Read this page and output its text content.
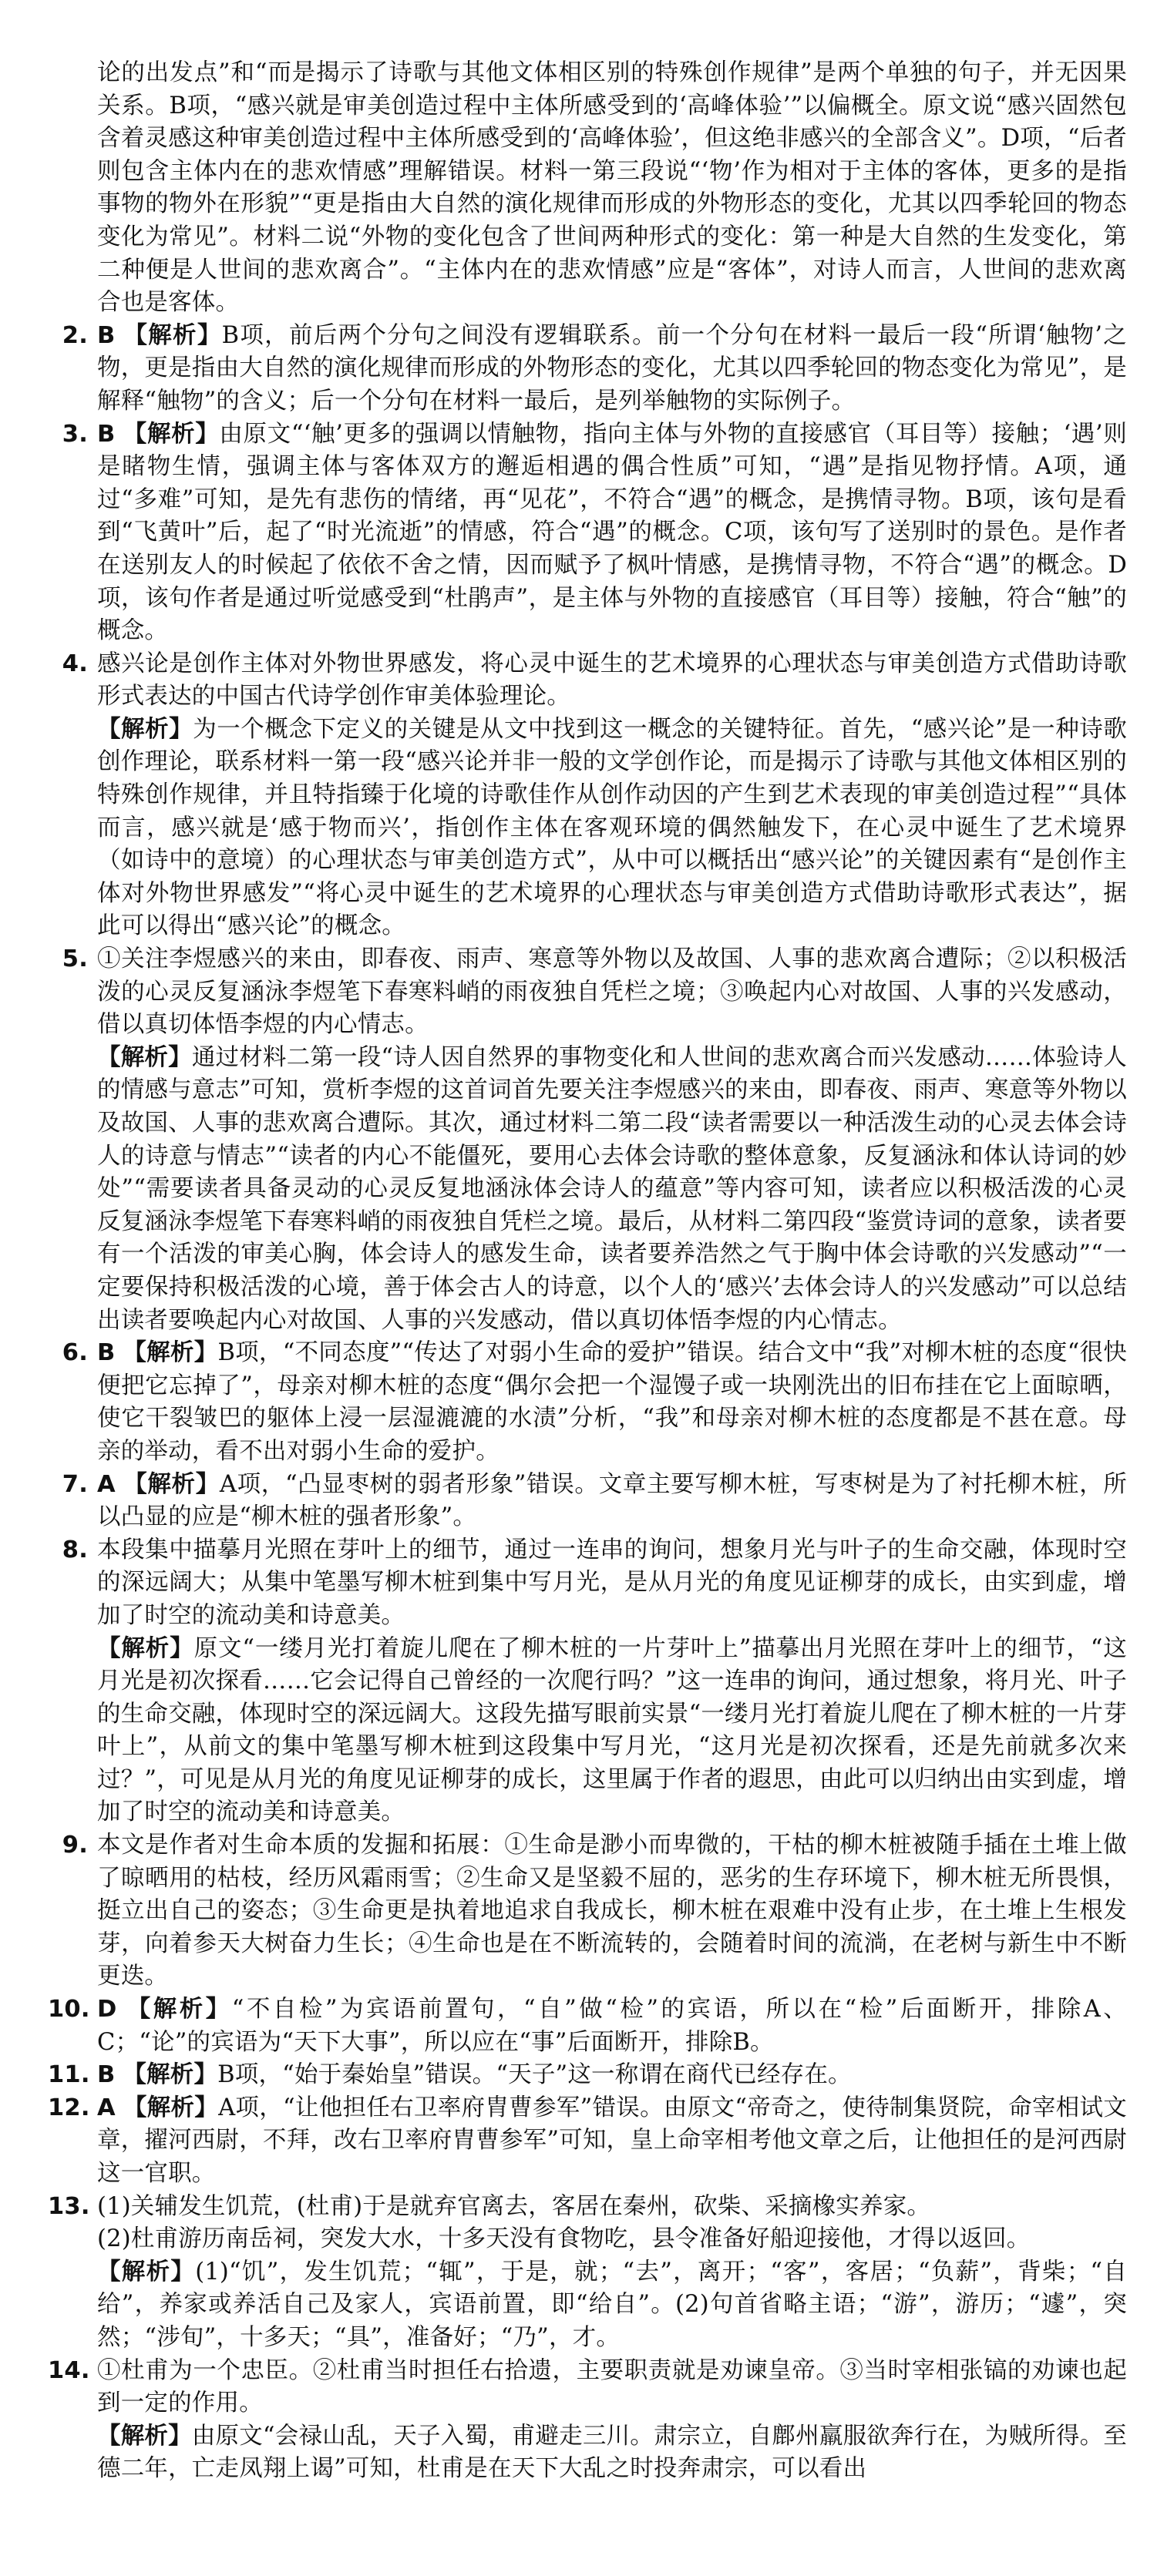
论的出发点”和“而是揭示了诗歌与其他文体相区别的特殊创作规律”是两个单独的句子，并无因果关系。B项，“感兴就是审美创造过程中主体所感受到的‘高峰体验’”以偏概全。原文说“感兴固然包含着灵感这种审美创造过程中主体所感受到的‘高峰体验’，但这绝非感兴的全部含义”。D项，“后者则包含主体内在的悲欢情感”理解错误。材料一第三段说“‘物’作为相对于主体的客体，更多的是指事物的物外在形貌”“更是指由大自然的演化规律而形成的外物形态的变化，尤其以四季轮回的物态变化为常见”。材料二说“外物的变化包含了世间两种形式的变化：第一种是大自然的生发变化，第二种便是人世间的悲欢离合”。“主体内在的悲欢情感”应是“客体”，对诗人而言，人世间的悲欢离合也是客体。

2. B 【解析】B项，前后两个分句之间没有逻辑联系。前一个分句在材料一最后一段“所谓‘触物’之物，更是指由大自然的演化规律而形成的外物形态的变化，尤其以四季轮回的物态变化为常见”，是解释“触物”的含义；后一个分句在材料一最后，是列举触物的实际例子。

3. B 【解析】由原文“‘触’更多的强调以情触物，指向主体与外物的直接感官（耳目等）接触；‘遇’则是睹物生情，强调主体与客体双方的邂逅相遇的偶合性质”可知，“遇”是指见物抒情。A项，通过“多难”可知，是先有悲伤的情绪，再“见花”，不符合“遇”的概念，是携情寻物。B项，该句是看到“飞黄叶”后，起了“时光流逝”的情感，符合“遇”的概念。C项，该句写了送别时的景色。是作者在送别友人的时候起了依依不舍之情，因而赋予了枫叶情感，是携情寻物，不符合“遇”的概念。D项，该句作者是通过听觉感受到“杜鹃声”，是主体与外物的直接感官（耳目等）接触，符合“触”的概念。

4. 感兴论是创作主体对外物世界感发，将心灵中诞生的艺术境界的心理状态与审美创造方式借助诗歌形式表达的中国古代诗学创作审美体验理论。

【解析】为一个概念下定义的关键是从文中找到这一概念的关键特征。首先，“感兴论”是一种诗歌创作理论，联系材料一第一段“感兴论并非一般的文学创作论，而是揭示了诗歌与其他文体相区别的特殊创作规律，并且特指臻于化境的诗歌佳作从创作动因的产生到艺术表现的审美创造过程”“具体而言，感兴就是‘感于物而兴’，指创作主体在客观环境的偶然触发下，在心灵中诞生了艺术境界（如诗中的意境）的心理状态与审美创造方式”，从中可以概括出“感兴论”的关键因素有“是创作主体对外物世界感发”“将心灵中诞生的艺术境界的心理状态与审美创造方式借助诗歌形式表达”，据此可以得出“感兴论”的概念。

5. ①关注李煜感兴的来由，即春夜、雨声、寒意等外物以及故国、人事的悲欢离合遭际；②以积极活泼的心灵反复涵泳李煜笔下春寒料峭的雨夜独自凭栏之境；③唤起内心对故国、人事的兴发感动，借以真切体悟李煜的内心情志。

【解析】通过材料二第一段“诗人因自然界的事物变化和人世间的悲欢离合而兴发感动……体验诗人的情感与意志”可知，赏析李煜的这首词首先要关注李煜感兴的来由，即春夜、雨声、寒意等外物以及故国、人事的悲欢离合遭际。其次，通过材料二第二段“读者需要以一种活泼生动的心灵去体会诗人的诗意与情志”“读者的内心不能僵死，要用心去体会诗歌的整体意象，反复涵泳和体认诗词的妙处”“需要读者具备灵动的心灵反复地涵泳体会诗人的蕴意”等内容可知，读者应以积极活泼的心灵反复涵泳李煜笔下春寒料峭的雨夜独自凭栏之境。最后，从材料二第四段“鉴赏诗词的意象，读者要有一个活泼的审美心胸，体会诗人的感发生命，读者要养浩然之气于胸中体会诗歌的兴发感动”“一定要保持积极活泼的心境，善于体会古人的诗意，以个人的‘感兴’去体会诗人的兴发感动”可以总结出读者要唤起内心对故国、人事的兴发感动，借以真切体悟李煜的内心情志。

6. B 【解析】B项，“不同态度”“传达了对弱小生命的爱护”错误。结合文中“我”对柳木桩的态度“很快便把它忘掉了”，母亲对柳木桩的态度“偶尔会把一个湿馒子或一块刚洗出的旧布挂在它上面晾晒，使它干裂皱巴的躯体上浸一层湿漉漉的水渍”分析，“我”和母亲对柳木桩的态度都是不甚在意。母亲的举动，看不出对弱小生命的爱护。

7. A 【解析】A项，“凸显枣树的弱者形象”错误。文章主要写柳木桩，写枣树是为了衬托柳木桩，所以凸显的应是“柳木桩的强者形象”。

8. 本段集中描摹月光照在芽叶上的细节，通过一连串的询问，想象月光与叶子的生命交融，体现时空的深远阔大；从集中笔墨写柳木桩到集中写月光，是从月光的角度见证柳芽的成长，由实到虚，增加了时空的流动美和诗意美。

【解析】原文“一缕月光打着旋儿爬在了柳木桩的一片芽叶上”描摹出月光照在芽叶上的细节，“这月光是初次探看……它会记得自己曾经的一次爬行吗？”这一连串的询问，通过想象，将月光、叶子的生命交融，体现时空的深远阔大。这段先描写眼前实景“一缕月光打着旋儿爬在了柳木桩的一片芽叶上”，从前文的集中笔墨写柳木桩到这段集中写月光，“这月光是初次探看，还是先前就多次来过？”，可见是从月光的角度见证柳芽的成长，这里属于作者的遐思，由此可以归纳出由实到虚，增加了时空的流动美和诗意美。

9. 本文是作者对生命本质的发掘和拓展：①生命是渺小而卑微的，干枯的柳木桩被随手插在土堆上做了晾晒用的枯枝，经历风霜雨雪；②生命又是坚毅不屈的，恶劣的生存环境下，柳木桩无所畏惧，挺立出自己的姿态；③生命更是执着地追求自我成长，柳木桩在艰难中没有止步，在土堆上生根发芽，向着参天大树奋力生长；④生命也是在不断流转的，会随着时间的流淌，在老树与新生中不断更迭。

10. D 【解析】“不自检”为宾语前置句，“自”做“检”的宾语，所以在“检”后面断开，排除A、C；“论”的宾语为“天下大事”，所以应在“事”后面断开，排除B。

11. B 【解析】B项，“始于秦始皇”错误。“天子”这一称谓在商代已经存在。

12. A 【解析】A项，“让他担任右卫率府胄曹参军”错误。由原文“帝奇之，使待制集贤院，命宰相试文章，擢河西尉，不拜，改右卫率府胄曹参军”可知，皇上命宰相考他文章之后，让他担任的是河西尉这一官职。

13. (1)关辅发生饥荒，(杜甫)于是就弃官离去，客居在秦州，砍柴、采摘橡实养家。

(2)杜甫游历南岳祠，突发大水，十多天没有食物吃，县令准备好船迎接他，才得以返回。

【解析】(1)“饥”，发生饥荒；“辄”，于是，就；“去”，离开；“客”，客居；“负薪”，背柴；“自给”，养家或养活自己及家人，宾语前置，即“给自”。(2)句首省略主语；“游”，游历；“遽”，突然；“涉旬”，十多天；“具”，准备好；“乃”，才。

14. ①杜甫为一个忠臣。②杜甫当时担任右拾遗，主要职责就是劝谏皇帝。③当时宰相张镐的劝谏也起到一定的作用。

【解析】由原文“会禄山乱，天子入蜀，甫避走三川。肃宗立，自鄜州羸服欲奔行在，为贼所得。至德二年，亡走凤翔上谒”可知，杜甫是在天下大乱之时投奔肃宗，可以看出
